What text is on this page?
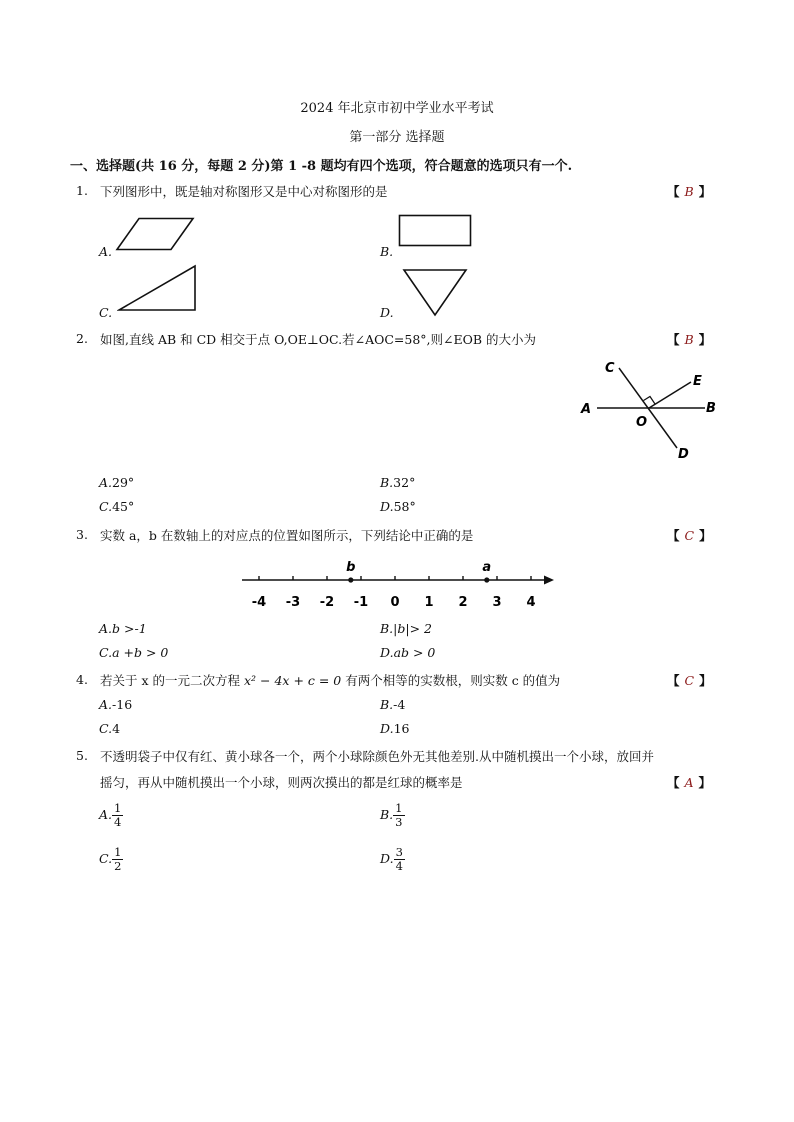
2024 年北京市初中学业水平考试
第一部分 选择题
一、选择题(共 16 分，每题 2 分)第 1 -8 题均有四个选项，符合题意的选项只有一个.
1. 下列图形中，既是轴对称图形又是中心对称图形的是	【 B 】
A.	B.
C.	D.
2. 如图,直线 AB 和 CD 相交于点 O,OE⊥OC.若∠AOC=58°,则∠EOB 的大小为	【 B 】
C
E
A	B
O
D
A.29°	B.32°
C.45°	D.58°
3. 实数 a，b 在数轴上的对应点的位置如图所示，下列结论中正确的是	【 C 】
-4 -3 -2 -1 0 1 2 3 4
b	a
A.b >-1	B.|b|> 2
C.a +b > 0	D.ab > 0
4. 若关于 x 的一元二次方程 x² − 4x + c = 0 有两个相等的实数根，则实数 c 的值为	【 C 】
A.-16	B.-4
C.4	D.16
5. 不透明袋子中仅有红、黄小球各一个，两个小球除颜色外无其他差别.从中随机摸出一个小球，放回并
摇匀，再从中随机摸出一个小球，则两次摸出的都是红球的概率是	【 A 】
A. $\frac{1}{4}$	B. $\frac{1}{3}$
C. $\frac{1}{2}$	D. $\frac{3}{4}$
